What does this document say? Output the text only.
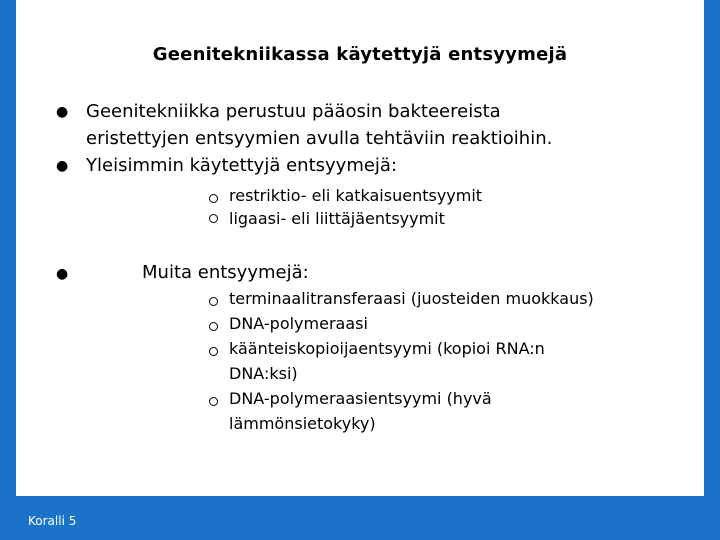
Geenitekniikassa käytettyjä entsyymejä
● Geenitekniikka perustuu pääosin bakteereista
eristettyjen entsyymien avulla tehtäviin reaktioihin.
● Yleisimmin käytettyjä entsyymejä:
restriktio- eli katkaisuentsyymit
ligaasi- eli liittäjäentsyymit
●	Muita entsyymejä:
terminaalitransferaasi (juosteiden muokkaus)
DNA-polymeraasi
käänteiskopioijaentsyymi (kopioi RNA:n
DNA:ksi)
DNA-polymeraasientsyymi (hyvä
lämmönsietokyky)
Koralli 5
